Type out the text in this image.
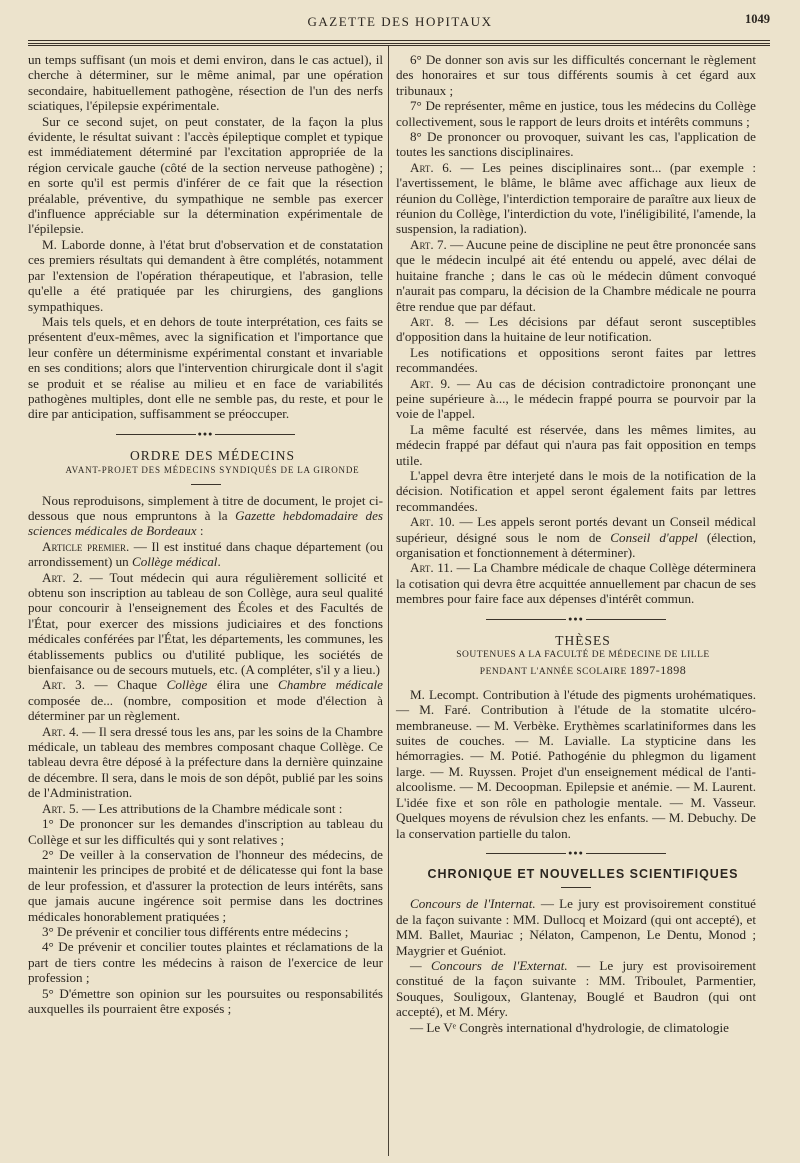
GAZETTE DES HOPITAUX	1049

un temps suffisant (un mois et demi environ, dans le cas actuel), il cherche à déterminer, sur le même animal, par une opération secondaire, habituellement pathogène, résection de l'un des nerfs sciatiques, l'épilepsie expérimentale.

Sur ce second sujet, on peut constater, de la façon la plus évidente, le résultat suivant : l'accès épileptique complet et typique est immédiatement déterminé par l'excitation appropriée de la région cervicale gauche (côté de la section nerveuse pathogène) ; en sorte qu'il est permis d'inférer de ce fait que la résection préalable, préventive, du sympathique ne semble pas exercer d'influence appréciable sur la détermination expérimentale de l'épilepsie.

M. Laborde donne, à l'état brut d'observation et de constatation ces premiers résultats qui demandent à être complétés, notamment par l'extension de l'opération thérapeutique, et l'abrasion, telle qu'elle a été pratiquée par les chirurgiens, des ganglions sympathiques.

Mais tels quels, et en dehors de toute interprétation, ces faits se présentent d'eux-mêmes, avec la signification et l'importance que leur confère un déterminisme expérimental constant et invariable en ses conditions; alors que l'intervention chirurgicale dont il s'agit se produit et se réalise au milieu et en face de variabilités pathogènes multiples, dont elle ne semble pas, du reste, et pour le dire par anticipation, suffisamment se préoccuper.

●●●

ORDRE DES MÉDECINS

AVANT-PROJET DES MÉDECINS SYNDIQUÉS DE LA GIRONDE

Nous reproduisons, simplement à titre de document, le projet ci-dessous que nous empruntons à la Gazette hebdomadaire des sciences médicales de Bordeaux :

Article premier. — Il est institué dans chaque département (ou arrondissement) un Collège médical.

Art. 2. — Tout médecin qui aura régulièrement sollicité et obtenu son inscription au tableau de son Collège, aura seul qualité pour concourir à l'enseignement des Écoles et des Facultés de l'État, pour exercer des missions judiciaires et des fonctions médicales conférées par l'État, les départements, les communes, les établissements publics ou d'utilité publique, les sociétés de bienfaisance ou de secours mutuels, etc. (A compléter, s'il y a lieu.)

Art. 3. — Chaque Collège élira une Chambre médicale composée de... (nombre, composition et mode d'élection à déterminer par un règlement.

Art. 4. — Il sera dressé tous les ans, par les soins de la Chambre médicale, un tableau des membres composant chaque Collège. Ce tableau devra être déposé à la préfecture dans la dernière quinzaine de décembre. Il sera, dans le mois de son dépôt, publié par les soins de l'Administration.

Art. 5. — Les attributions de la Chambre médicale sont :

1° De prononcer sur les demandes d'inscription au tableau du Collège et sur les difficultés qui y sont relatives ;

2° De veiller à la conservation de l'honneur des médecins, de maintenir les principes de probité et de délicatesse qui font la base de leur profession, et d'assurer la protection de leurs intérêts, sans que jamais aucune ingérence soit permise dans les doctrines médicales honorablement pratiquées ;

3° De prévenir et concilier tous différents entre médecins ;

4° De prévenir et concilier toutes plaintes et réclamations de la part de tiers contre les médecins à raison de l'exercice de leur profession ;

5° D'émettre son opinion sur les poursuites ou responsabilités auxquelles ils pourraient être exposés ;

6° De donner son avis sur les difficultés concernant le règlement des honoraires et sur tous différents soumis à cet égard aux tribunaux ;

7° De représenter, même en justice, tous les médecins du Collège collectivement, sous le rapport de leurs droits et intérêts communs ;

8° De prononcer ou provoquer, suivant les cas, l'application de toutes les sanctions disciplinaires.

Art. 6. — Les peines disciplinaires sont... (par exemple : l'avertissement, le blâme, le blâme avec affichage aux lieux de réunion du Collège, l'interdiction temporaire de paraître aux lieux de réunion du Collège, l'interdiction du vote, l'inéligibilité, l'amende, la suspension, la radiation).

Art. 7. — Aucune peine de discipline ne peut être prononcée sans que le médecin inculpé ait été entendu ou appelé, avec délai de huitaine franche ; dans le cas où le médecin dûment convoqué n'aurait pas comparu, la décision de la Chambre médicale ne pourra être rendue que par défaut.

Art. 8. — Les décisions par défaut seront susceptibles d'opposition dans la huitaine de leur notification.

Les notifications et oppositions seront faites par lettres recommandées.

Art. 9. — Au cas de décision contradictoire prononçant une peine supérieure à..., le médecin frappé pourra se pourvoir par la voie de l'appel.

La même faculté est réservée, dans les mêmes limites, au médecin frappé par défaut qui n'aura pas fait opposition en temps utile.

L'appel devra être interjeté dans le mois de la notification de la décision. Notification et appel seront également faits par lettres recommandées.

Art. 10. — Les appels seront portés devant un Conseil médical supérieur, désigné sous le nom de Conseil d'appel (élection, organisation et fonctionnement à déterminer).

Art. 11. — La Chambre médicale de chaque Collège déterminera la cotisation qui devra être acquittée annuellement par chacun de ses membres pour faire face aux dépenses d'intérêt commun.

●●●

THÈSES

SOUTENUES A LA FACULTÉ DE MÉDECINE DE LILLE

PENDANT L'ANNÉE SCOLAIRE 1897-1898

M. Lecompt. Contribution à l'étude des pigments urohématiques. — M. Faré. Contribution à l'étude de la stomatite ulcéro-membraneuse. — M. Verbèke. Erythèmes scarlatiniformes dans les suites de couches. — M. Lavialle. La stypticine dans les hémorragies. — M. Potié. Pathogénie du phlegmon du ligament large. — M. Ruyssen. Projet d'un enseignement médical de l'anti-alcoolisme. — M. Decoopman. Epilepsie et anémie. — M. Laurent. L'idée fixe et son rôle en pathologie mentale. — M. Vasseur. Quelques moyens de révulsion chez les enfants. — M. Debuchy. De la conservation partielle du talon.

●●●

CHRONIQUE ET NOUVELLES SCIENTIFIQUES

Concours de l'Internat. — Le jury est provisoirement constitué de la façon suivante : MM. Dullocq et Moizard (qui ont accepté), et MM. Ballet, Mauriac ; Nélaton, Campenon, Le Dentu, Monod ; Maygrier et Guéniot.

— Concours de l'Externat. — Le jury est provisoirement constitué de la façon suivante : MM. Triboulet, Parmentier, Souques, Souligoux, Glantenay, Bouglé et Baudron (qui ont accepté), et M. Méry.

— Le Vᵉ Congrès international d'hydrologie, de climatologie
